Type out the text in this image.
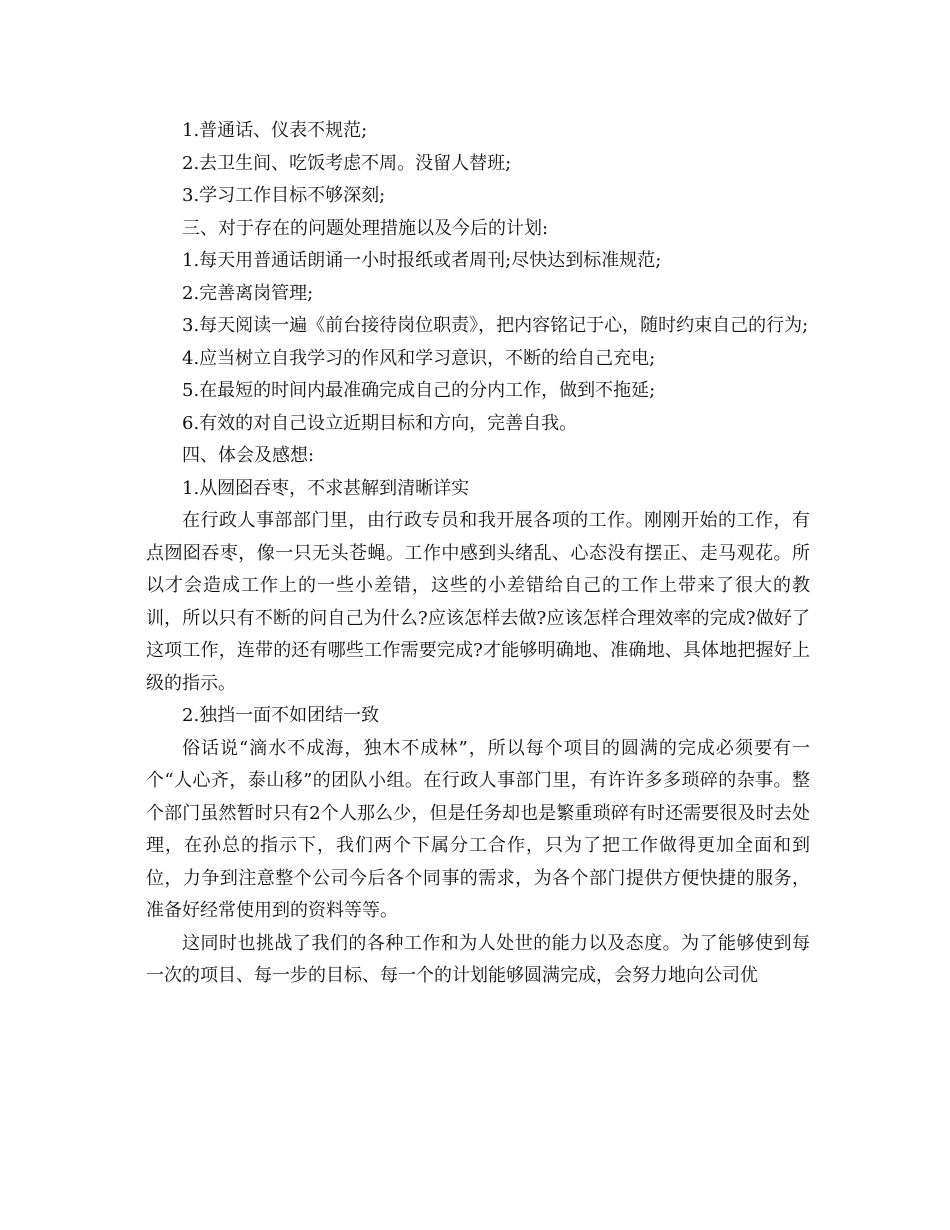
1.普通话、仪表不规范;

2.去卫生间、吃饭考虑不周。没留人替班;

3.学习工作目标不够深刻;

三、对于存在的问题处理措施以及今后的计划:

1.每天用普通话朗诵一小时报纸或者周刊;尽快达到标准规范;

2.完善离岗管理;

3.每天阅读一遍《前台接待岗位职责》，把内容铭记于心，随时约束自己的行为;

4.应当树立自我学习的作风和学习意识，不断的给自己充电;

5.在最短的时间内最准确完成自己的分内工作，做到不拖延;

6.有效的对自己设立近期目标和方向，完善自我。

四、体会及感想:

1.从囫囵吞枣，不求甚解到清晰详实

在行政人事部部门里，由行政专员和我开展各项的工作。刚刚开始的工作，有点囫囵吞枣，像一只无头苍蝇。工作中感到头绪乱、心态没有摆正、走马观花。所以才会造成工作上的一些小差错，这些的小差错给自己的工作上带来了很大的教训，所以只有不断的问自己为什么?应该怎样去做?应该怎样合理效率的完成?做好了这项工作，连带的还有哪些工作需要完成?才能够明确地、准确地、具体地把握好上级的指示。

2.独挡一面不如团结一致

俗话说“滴水不成海，独木不成林”，所以每个项目的圆满的完成必须要有一个“人心齐，泰山移”的团队小组。在行政人事部门里，有许许多多琐碎的杂事。整个部门虽然暂时只有2个人那么少，但是任务却也是繁重琐碎有时还需要很及时去处理，在孙总的指示下，我们两个下属分工合作，只为了把工作做得更加全面和到位，力争到注意整个公司今后各个同事的需求，为各个部门提供方便快捷的服务，准备好经常使用到的资料等等。

这同时也挑战了我们的各种工作和为人处世的能力以及态度。为了能够使到每一次的项目、每一步的目标、每一个的计划能够圆满完成，会努力地向公司优
